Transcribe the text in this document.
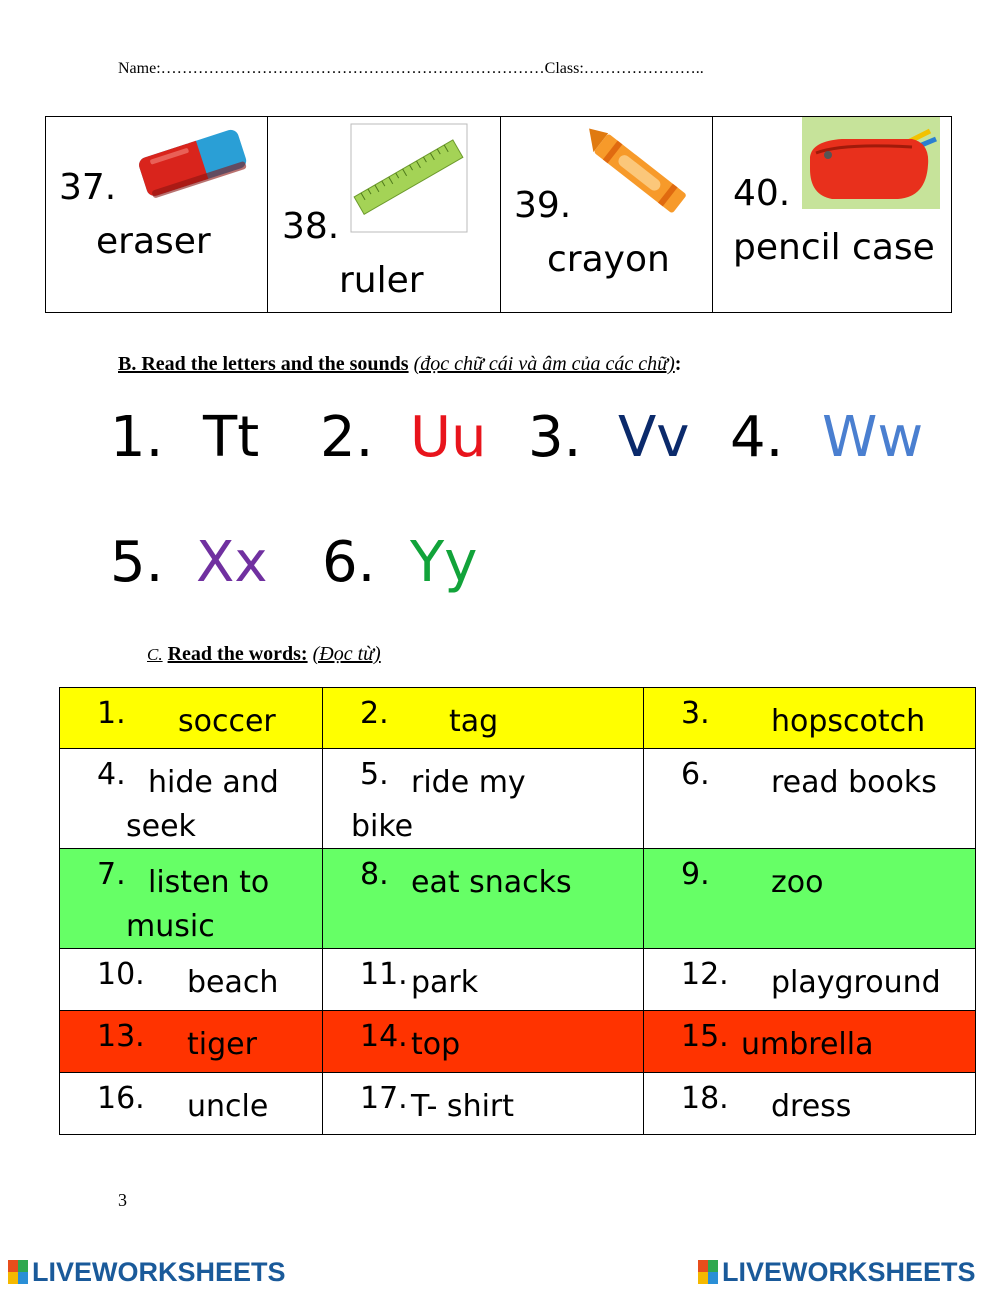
Name:………………………………………………………………Class:…………………..
37.
eraser 38.
ruler
39.
crayon
40.
pencil case
B. Read the letters and the sounds (đọc chữ cái và âm của các chữ):
1. Tt 2. Uu 3. Vv 4. Ww
5. Xx 6. Yy
C. Read the words: (Đọc từ)
1. soccer	2. tag	3. hopscotch

4. hide and
seek	5. ride my
bike	6. read books

7. listen to
music	8. eat snacks	9. zoo

10. beach	11. park	12. playground

13. tiger	14. top	15. umbrella

16. uncle	17. T- shirt	18. dress
3
LIVEWORKSHEETS	LIVEWORKSHEETS
